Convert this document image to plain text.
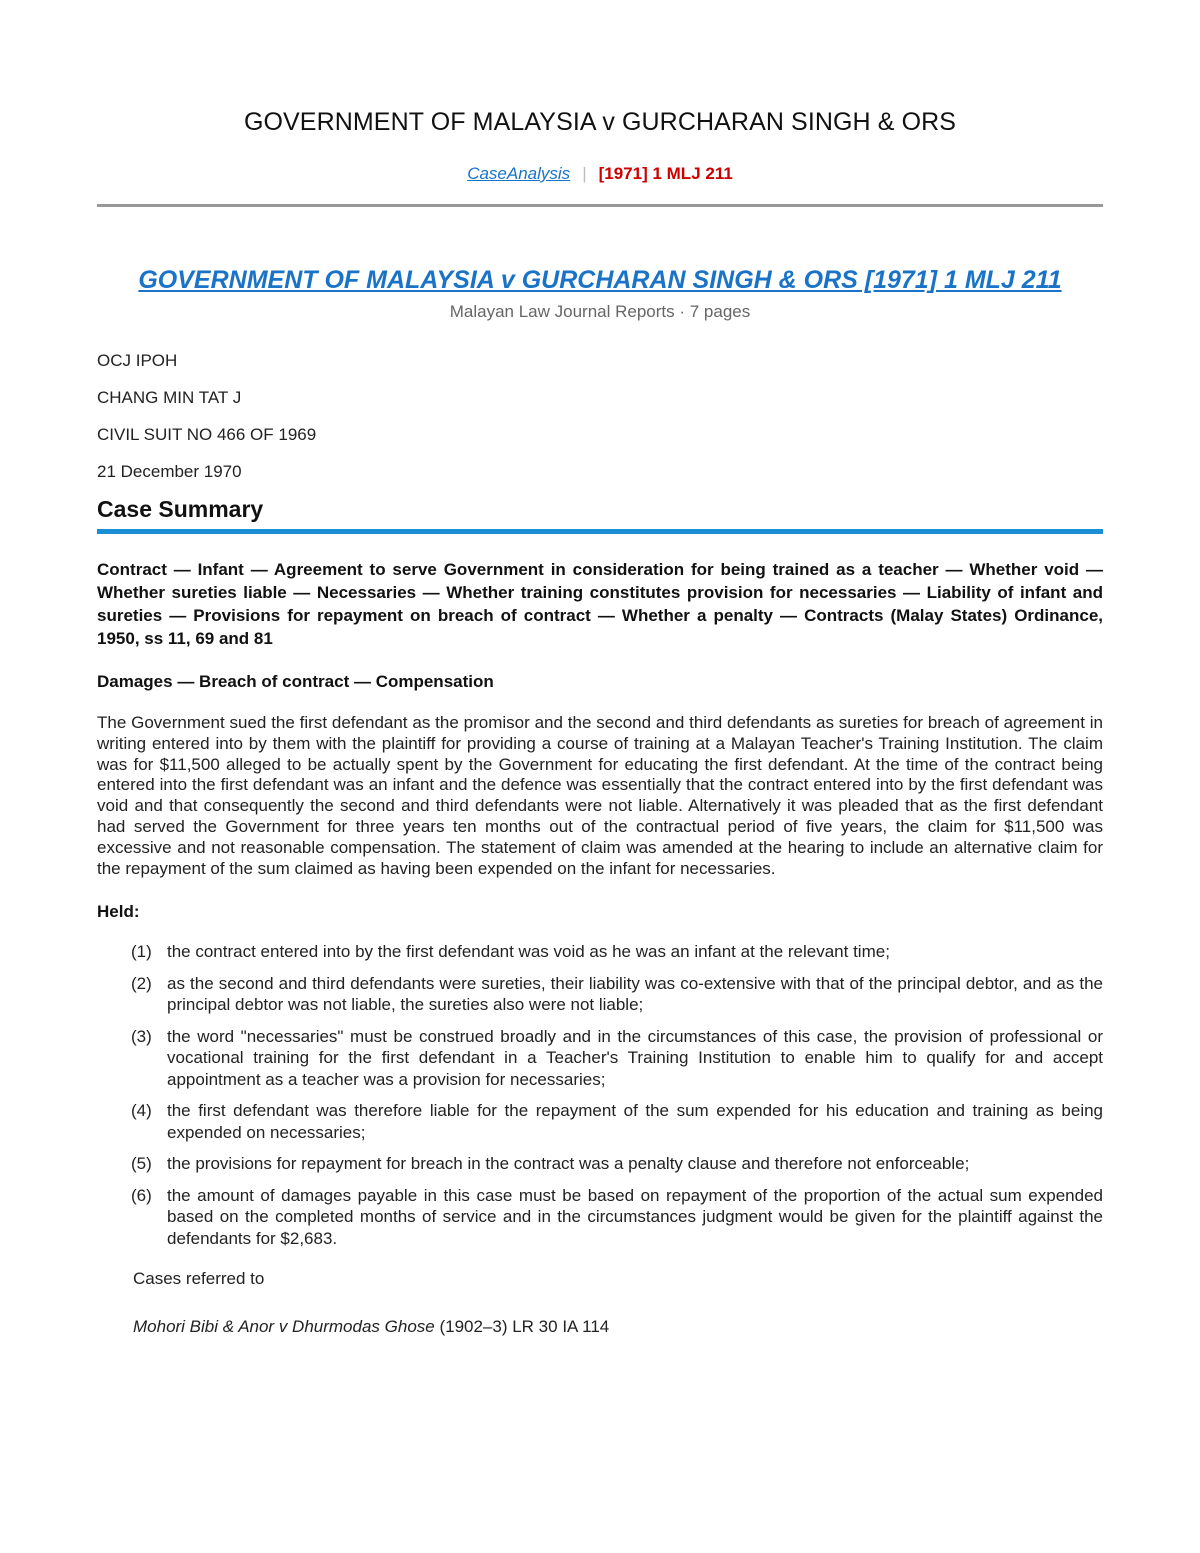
GOVERNMENT OF MALAYSIA v GURCHARAN SINGH & ORS
CaseAnalysis | [1971] 1 MLJ 211
GOVERNMENT OF MALAYSIA v GURCHARAN SINGH & ORS [1971] 1 MLJ 211
Malayan Law Journal Reports · 7 pages
OCJ IPOH
CHANG MIN TAT J
CIVIL SUIT NO 466 OF 1969
21 December 1970
Case Summary
Contract — Infant — Agreement to serve Government in consideration for being trained as a teacher — Whether void — Whether sureties liable — Necessaries — Whether training constitutes provision for necessaries — Liability of infant and sureties — Provisions for repayment on breach of contract — Whether a penalty — Contracts (Malay States) Ordinance, 1950, ss 11, 69 and 81
Damages — Breach of contract — Compensation
The Government sued the first defendant as the promisor and the second and third defendants as sureties for breach of agreement in writing entered into by them with the plaintiff for providing a course of training at a Malayan Teacher's Training Institution. The claim was for $11,500 alleged to be actually spent by the Government for educating the first defendant. At the time of the contract being entered into the first defendant was an infant and the defence was essentially that the contract entered into by the first defendant was void and that consequently the second and third defendants were not liable. Alternatively it was pleaded that as the first defendant had served the Government for three years ten months out of the contractual period of five years, the claim for $11,500 was excessive and not reasonable compensation. The statement of claim was amended at the hearing to include an alternative claim for the repayment of the sum claimed as having been expended on the infant for necessaries.
Held:
(1) the contract entered into by the first defendant was void as he was an infant at the relevant time;
(2) as the second and third defendants were sureties, their liability was co-extensive with that of the principal debtor, and as the principal debtor was not liable, the sureties also were not liable;
(3) the word "necessaries" must be construed broadly and in the circumstances of this case, the provision of professional or vocational training for the first defendant in a Teacher's Training Institution to enable him to qualify for and accept appointment as a teacher was a provision for necessaries;
(4) the first defendant was therefore liable for the repayment of the sum expended for his education and training as being expended on necessaries;
(5) the provisions for repayment for breach in the contract was a penalty clause and therefore not enforceable;
(6) the amount of damages payable in this case must be based on repayment of the proportion of the actual sum expended based on the completed months of service and in the circumstances judgment would be given for the plaintiff against the defendants for $2,683.
Cases referred to
Mohori Bibi & Anor v Dhurmodas Ghose (1902–3) LR 30 IA 114
